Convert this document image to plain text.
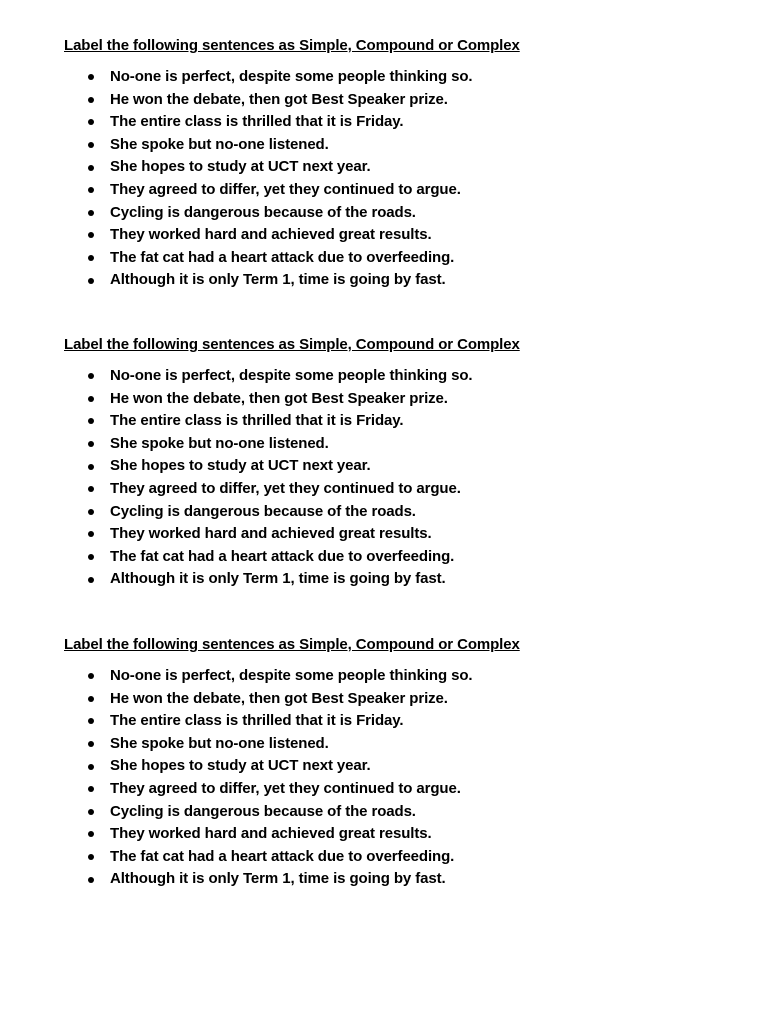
Label the following sentences as Simple, Compound or Complex

No-one is perfect, despite some people thinking so.
He won the debate, then got Best Speaker prize.
The entire class is thrilled that it is Friday.
She spoke but no-one listened.
She hopes to study at UCT next year.
They agreed to differ, yet they continued to argue.
Cycling is dangerous because of the roads.
They worked hard and achieved great results.
The fat cat had a heart attack due to overfeeding.
Although it is only Term 1, time is going by fast.

Label the following sentences as Simple, Compound or Complex

No-one is perfect, despite some people thinking so.
He won the debate, then got Best Speaker prize.
The entire class is thrilled that it is Friday.
She spoke but no-one listened.
She hopes to study at UCT next year.
They agreed to differ, yet they continued to argue.
Cycling is dangerous because of the roads.
They worked hard and achieved great results.
The fat cat had a heart attack due to overfeeding.
Although it is only Term 1, time is going by fast.

Label the following sentences as Simple, Compound or Complex

No-one is perfect, despite some people thinking so.
He won the debate, then got Best Speaker prize.
The entire class is thrilled that it is Friday.
She spoke but no-one listened.
She hopes to study at UCT next year.
They agreed to differ, yet they continued to argue.
Cycling is dangerous because of the roads.
They worked hard and achieved great results.
The fat cat had a heart attack due to overfeeding.
Although it is only Term 1, time is going by fast.
